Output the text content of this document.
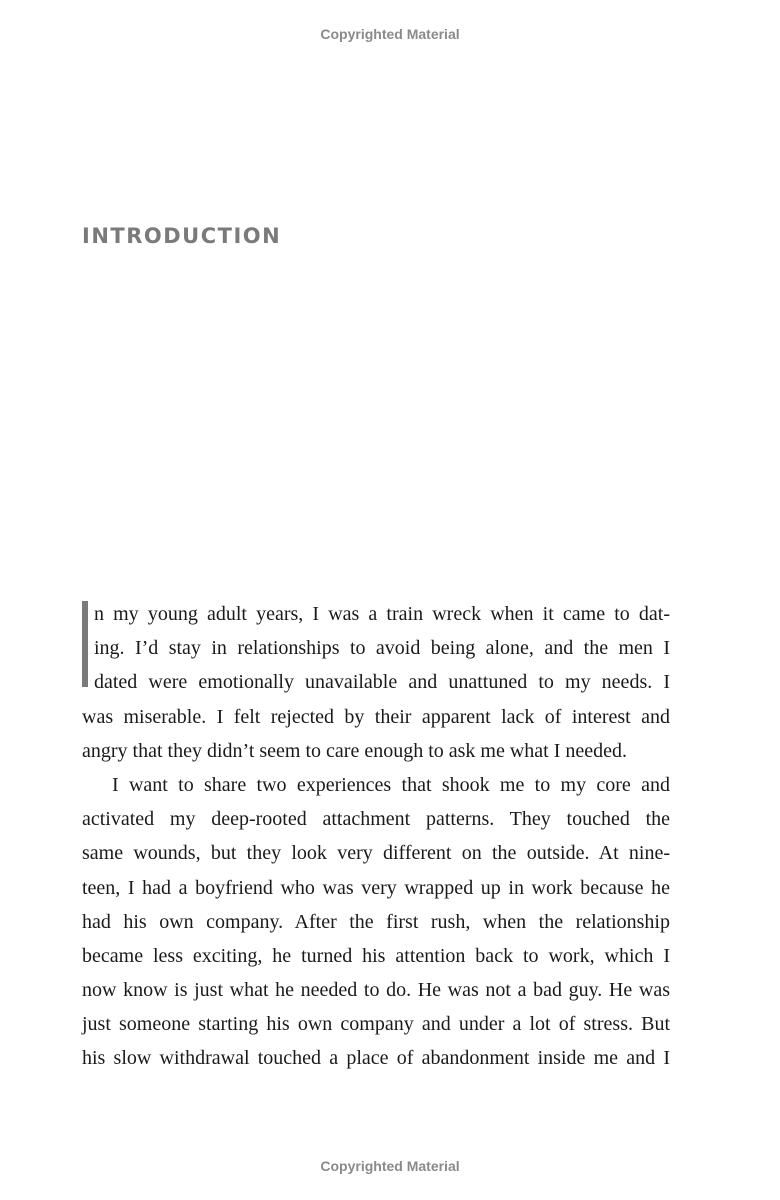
Copyrighted Material
INTRODUCTION
n my young adult years, I was a train wreck when it came to dat-
ing. I’d stay in relationships to avoid being alone, and the men I
dated were emotionally unavailable and unattuned to my needs. I
was miserable. I felt rejected by their apparent lack of interest and
angry that they didn’t seem to care enough to ask me what I needed.
I want to share two experiences that shook me to my core and
activated my deep-rooted attachment patterns. They touched the
same wounds, but they look very different on the outside. At nine-
teen, I had a boyfriend who was very wrapped up in work because he
had his own company. After the first rush, when the relationship
became less exciting, he turned his attention back to work, which I
now know is just what he needed to do. He was not a bad guy. He was
just someone starting his own company and under a lot of stress. But
his slow withdrawal touched a place of abandonment inside me and I
Copyrighted Material
